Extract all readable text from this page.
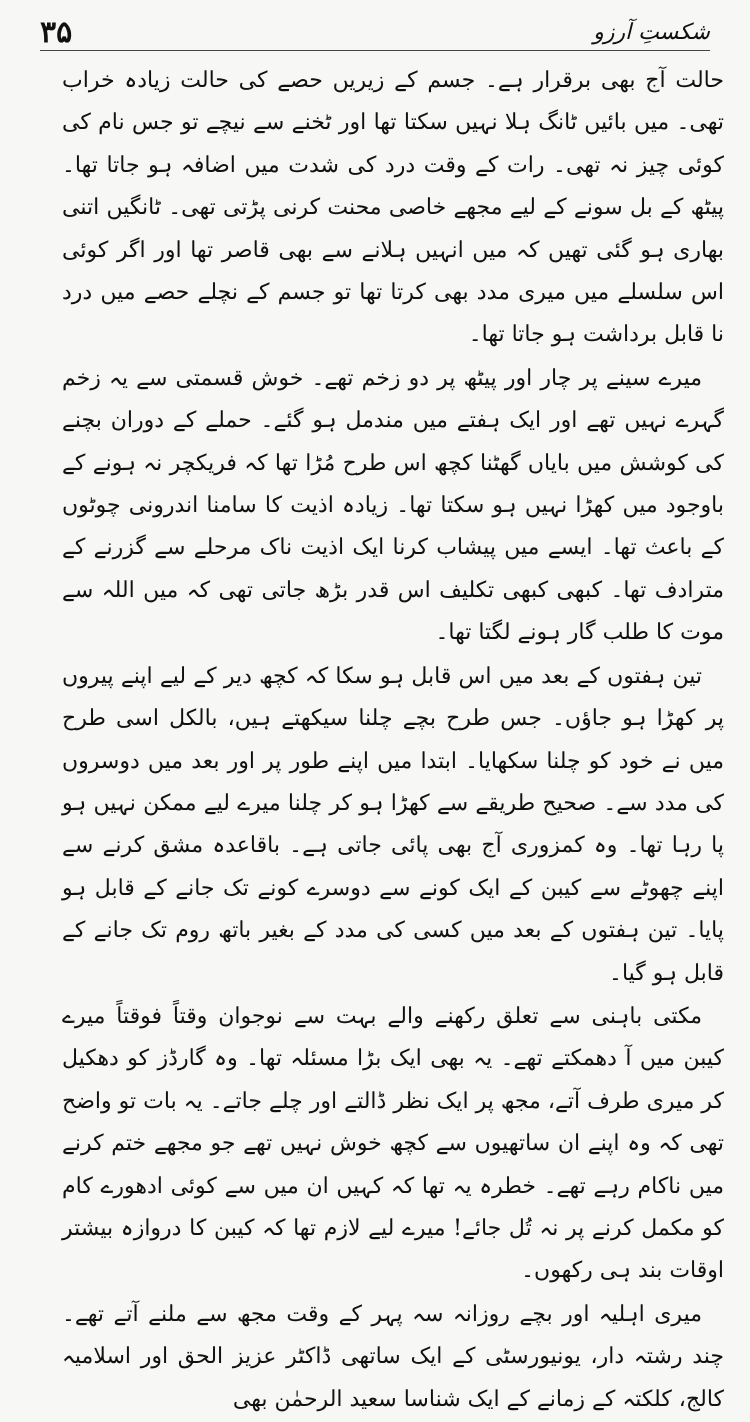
۳۵	شکستِ آرزو

حالت آج بھی برقرار ہے۔ جسم کے زیریں حصے کی حالت زیادہ خراب تھی۔ میں بائیں ٹانگ ہلا نہیں سکتا تھا اور ٹخنے سے نیچے تو جس نام کی کوئی چیز نہ تھی۔ رات کے وقت درد کی شدت میں اضافہ ہو جاتا تھا۔ پیٹھ کے بل سونے کے لیے مجھے خاصی محنت کرنی پڑتی تھی۔ ٹانگیں اتنی بھاری ہو گئی تھیں کہ میں انہیں ہلانے سے بھی قاصر تھا اور اگر کوئی اس سلسلے میں میری مدد بھی کرتا تھا تو جسم کے نچلے حصے میں درد نا قابل برداشت ہو جاتا تھا۔

میرے سینے پر چار اور پیٹھ پر دو زخم تھے۔ خوش قسمتی سے یہ زخم گہرے نہیں تھے اور ایک ہفتے میں مندمل ہو گئے۔ حملے کے دوران بچنے کی کوشش میں بایاں گھٹنا کچھ اس طرح مُڑا تھا کہ فریکچر نہ ہونے کے باوجود میں کھڑا نہیں ہو سکتا تھا۔ زیادہ اذیت کا سامنا اندرونی چوٹوں کے باعث تھا۔ ایسے میں پیشاب کرنا ایک اذیت ناک مرحلے سے گزرنے کے مترادف تھا۔ کبھی کبھی تکلیف اس قدر بڑھ جاتی تھی کہ میں اللہ سے موت کا طلب گار ہونے لگتا تھا۔

تین ہفتوں کے بعد میں اس قابل ہو سکا کہ کچھ دیر کے لیے اپنے پیروں پر کھڑا ہو جاؤں۔ جس طرح بچے چلنا سیکھتے ہیں، بالکل اسی طرح میں نے خود کو چلنا سکھایا۔ ابتدا میں اپنے طور پر اور بعد میں دوسروں کی مدد سے۔ صحیح طریقے سے کھڑا ہو کر چلنا میرے لیے ممکن نہیں ہو پا رہا تھا۔ وہ کمزوری آج بھی پائی جاتی ہے۔ باقاعدہ مشق کرنے سے اپنے چھوٹے سے کیبن کے ایک کونے سے دوسرے کونے تک جانے کے قابل ہو پایا۔ تین ہفتوں کے بعد میں کسی کی مدد کے بغیر باتھ روم تک جانے کے قابل ہو گیا۔

مکتی باہنی سے تعلق رکھنے والے بہت سے نوجوان وقتاً فوقتاً میرے کیبن میں آ دھمکتے تھے۔ یہ بھی ایک بڑا مسئلہ تھا۔ وہ گارڈز کو دھکیل کر میری طرف آتے، مجھ پر ایک نظر ڈالتے اور چلے جاتے۔ یہ بات تو واضح تھی کہ وہ اپنے ان ساتھیوں سے کچھ خوش نہیں تھے جو مجھے ختم کرنے میں ناکام رہے تھے۔ خطرہ یہ تھا کہ کہیں ان میں سے کوئی ادھورے کام کو مکمل کرنے پر نہ تُل جائے! میرے لیے لازم تھا کہ کیبن کا دروازہ بیشتر اوقات بند ہی رکھوں۔

میری اہلیہ اور بچے روزانہ سہ پہر کے وقت مجھ سے ملنے آتے تھے۔ چند رشتہ دار، یونیورسٹی کے ایک ساتھی ڈاکٹر عزیز الحق اور اسلامیہ کالج، کلکتہ کے زمانے کے ایک شناسا سعید الرحمٰن بھی
